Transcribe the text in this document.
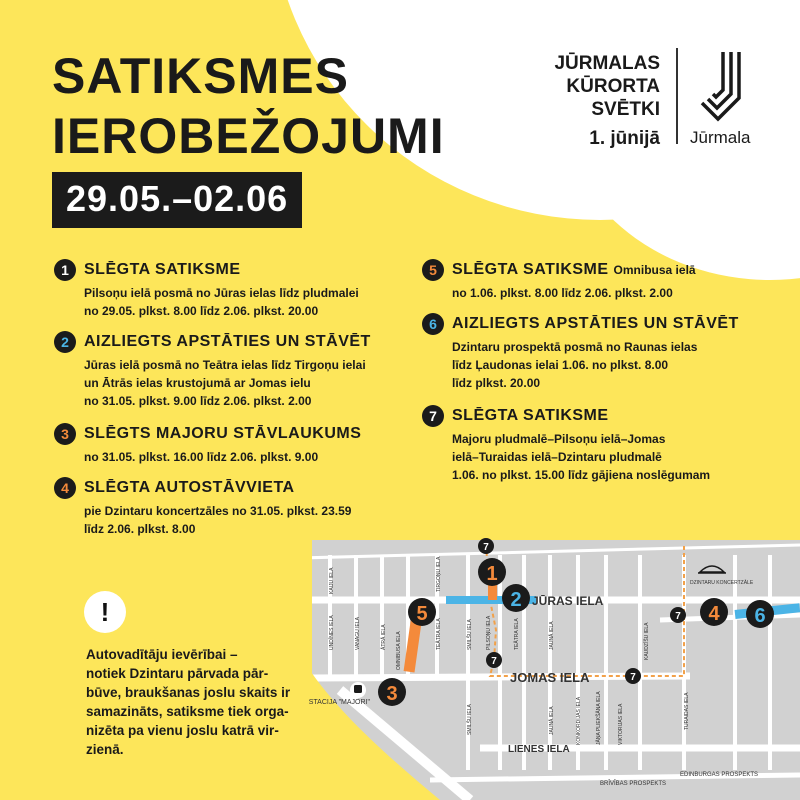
SATIKSMES
IEROBEŽOJUMI
29.05.–02.06
JŪRMALAS
KŪRORTA
SVĒTKI
1. jūnijā Jūrmala
1 SLĒGTA SATIKSME
Pilsoņu ielā posmā no Jūras ielas līdz pludmalei
no 29.05. plkst. 8.00 līdz 2.06. plkst. 20.00
2 AIZLIEGTS APSTĀTIES UN STĀVĒT
Jūras ielā posmā no Teātra ielas līdz Tirgoņu ielai
un Ātrās ielas krustojumā ar Jomas ielu
no 31.05. plkst. 9.00 līdz 2.06. plkst. 2.00
3 SLĒGTS MAJORU STĀVLAUKUMS
no 31.05. plkst. 16.00 līdz 2.06. plkst. 9.00
4 SLĒGTA AUTOSTĀVVIETA
pie Dzintaru koncertzāles no 31.05. plkst. 23.59
līdz 2.06. plkst. 8.00
5 SLĒGTA SATIKSME Omnibusa ielā
no 1.06. plkst. 8.00 līdz 2.06. plkst. 2.00
6 AIZLIEGTS APSTĀTIES UN STĀVĒT
Dzintaru prospektā posmā no Raunas ielas
līdz Ļaudonas ielai 1.06. no plkst. 8.00
līdz plkst. 20.00
7 SLĒGTA SATIKSME
Majoru pludmalē–Pilsoņu ielā–Jomas
ielā–Turaidas ielā–Dzintaru pludmalē
1.06. no plkst. 15.00 līdz gājiena noslēgumam
!
Autovadītāju ievērībai –
notiek Dzintaru pārvada pār-
būve, braukšanas joslu skaits ir
samazināts, satiksme tiek orga-
nizēta pa vienu joslu katrā vir-
zienā.
1
2
3
4
5	6
7
7
7
7
JŪRAS IELA
JOMAS IELA
LIENES IELA
BRĪVĪBAS PROSPEKTS
EDINBURGAS PROSPEKTS
DZINTARU KONCERTZĀLE
STACIJA "MAJORI"
KAIJU IELA
UNDĪNES IELA	VANAGU IELA	ĀTRĀ IELA OMNIBUSA IELA	TEĀTRA IELA
TIRGOŅU IELA
SMILŠU IELA	PILSOŅU IELA	TEĀTRA IELA	JAUNĀ IELA
SMILŠU IELA	JAUNĀ IELA	KONKORDIJAS IELA	JĀŅA PLIEKŠĀNA IELA	VIKTORIJAS IELA
KAUDZĪŠU IELA
TURAIDAS IELA
